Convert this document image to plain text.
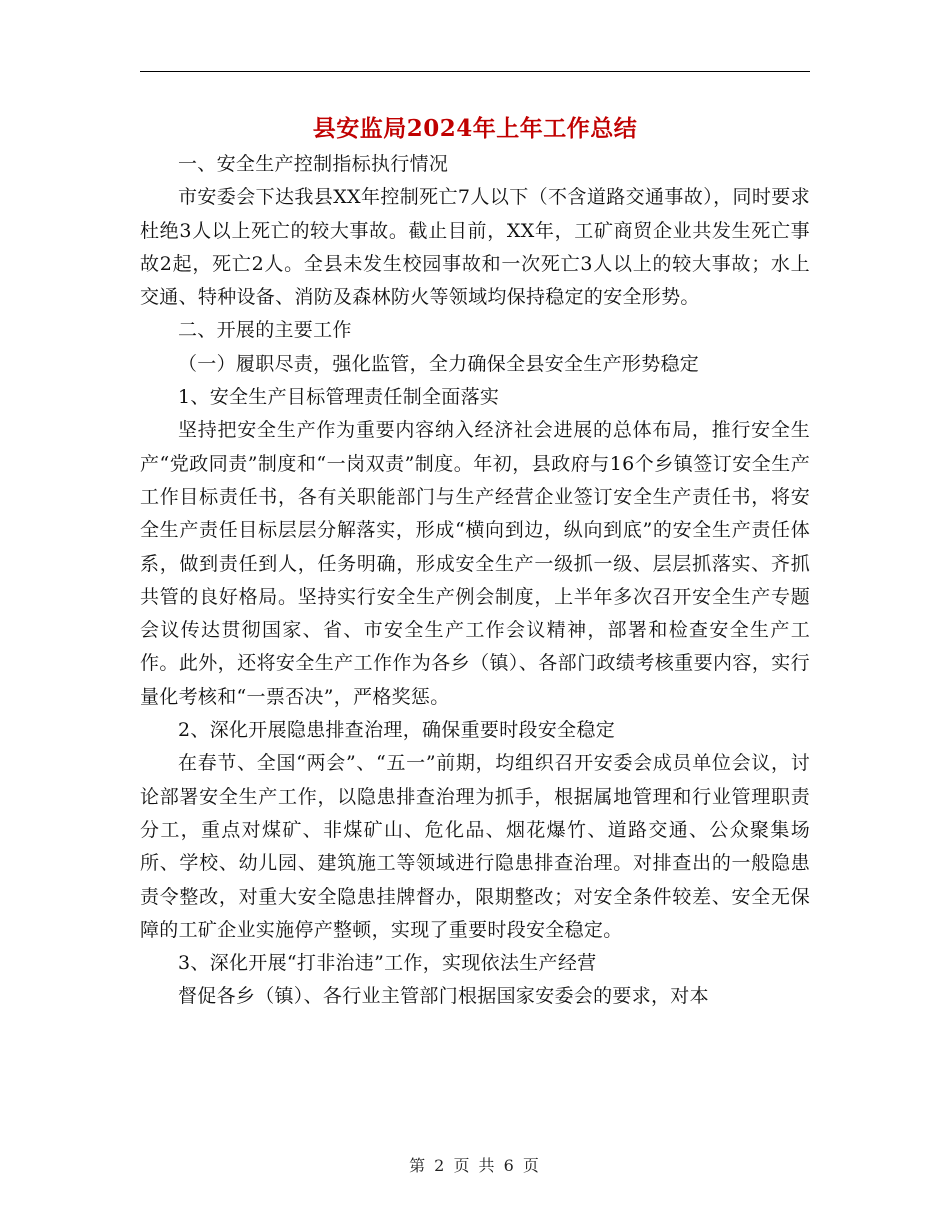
县安监局2024年上年工作总结

一、安全生产控制指标执行情况

市安委会下达我县XX年控制死亡7人以下（不含道路交通事故），同时要求杜绝3人以上死亡的较大事故。截止目前，XX年，工矿商贸企业共发生死亡事故2起，死亡2人。全县未发生校园事故和一次死亡3人以上的较大事故；水上交通、特种设备、消防及森林防火等领域均保持稳定的安全形势。

二、开展的主要工作

（一）履职尽责，强化监管，全力确保全县安全生产形势稳定

1、安全生产目标管理责任制全面落实

坚持把安全生产作为重要内容纳入经济社会进展的总体布局，推行安全生产“党政同责”制度和“一岗双责”制度。年初，县政府与16个乡镇签订安全生产工作目标责任书，各有关职能部门与生产经营企业签订安全生产责任书，将安全生产责任目标层层分解落实，形成“横向到边，纵向到底”的安全生产责任体系，做到责任到人，任务明确，形成安全生产一级抓一级、层层抓落实、齐抓共管的良好格局。坚持实行安全生产例会制度，上半年多次召开安全生产专题会议传达贯彻国家、省、市安全生产工作会议精神，部署和检查安全生产工作。此外，还将安全生产工作作为各乡（镇）、各部门政绩考核重要内容，实行量化考核和“一票否决”，严格奖惩。

2、深化开展隐患排查治理，确保重要时段安全稳定

在春节、全国“两会”、“五一”前期，均组织召开安委会成员单位会议，讨论部署安全生产工作，以隐患排查治理为抓手，根据属地管理和行业管理职责分工，重点对煤矿、非煤矿山、危化品、烟花爆竹、道路交通、公众聚集场所、学校、幼儿园、建筑施工等领域进行隐患排查治理。对排查出的一般隐患责令整改，对重大安全隐患挂牌督办，限期整改；对安全条件较差、安全无保障的工矿企业实施停产整顿，实现了重要时段安全稳定。

3、深化开展“打非治违”工作，实现依法生产经营

督促各乡（镇）、各行业主管部门根据国家安委会的要求，对本

第 2 页 共 6 页
